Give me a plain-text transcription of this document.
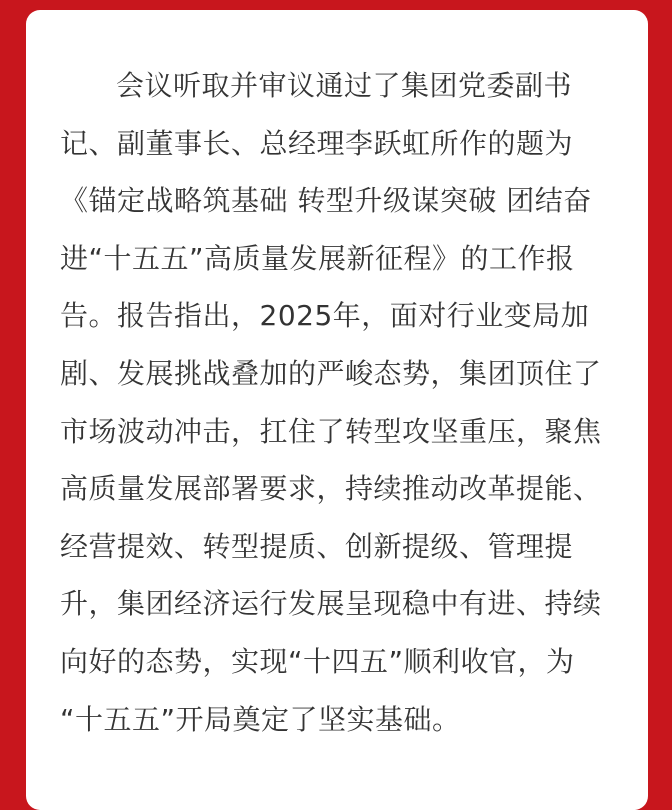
会议听取并审议通过了集团党委副书
记、副董事长、总经理李跃虹所作的题为
《锚定战略筑基础 转型升级谋突破 团结奋
进“十五五”高质量发展新征程》的工作报
告。报告指出，2025年，面对行业变局加
剧、发展挑战叠加的严峻态势，集团顶住了
市场波动冲击，扛住了转型攻坚重压，聚焦
高质量发展部署要求，持续推动改革提能、
经营提效、转型提质、创新提级、管理提
升，集团经济运行发展呈现稳中有进、持续
向好的态势，实现“十四五”顺利收官，为
“十五五”开局奠定了坚实基础。
